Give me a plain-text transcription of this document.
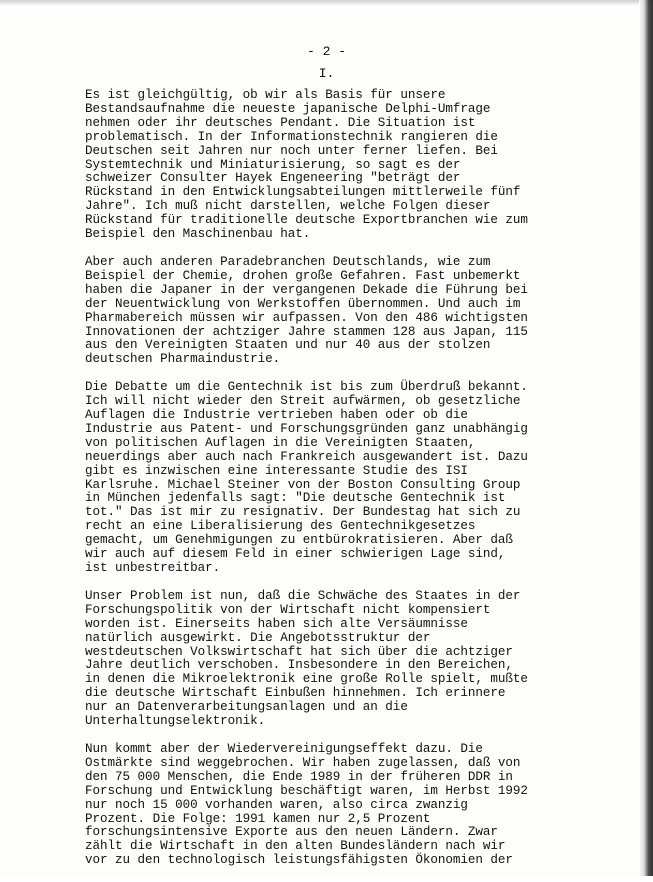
- 2 -
I.

Es ist gleichgültig, ob wir als Basis für unsere
Bestandsaufnahme die neueste japanische Delphi-Umfrage
nehmen oder ihr deutsches Pendant. Die Situation ist
problematisch. In der Informationstechnik rangieren die
Deutschen seit Jahren nur noch unter ferner liefen. Bei
Systemtechnik und Miniaturisierung, so sagt es der
schweizer Consulter Hayek Engeneering "beträgt der
Rückstand in den Entwicklungsabteilungen mittlerweile fünf
Jahre". Ich muß nicht darstellen, welche Folgen dieser
Rückstand für traditionelle deutsche Exportbranchen wie zum
Beispiel den Maschinenbau hat.

Aber auch anderen Paradebranchen Deutschlands, wie zum
Beispiel der Chemie, drohen große Gefahren. Fast unbemerkt
haben die Japaner in der vergangenen Dekade die Führung bei
der Neuentwicklung von Werkstoffen übernommen. Und auch im
Pharmabereich müssen wir aufpassen. Von den 486 wichtigsten
Innovationen der achtziger Jahre stammen 128 aus Japan, 115
aus den Vereinigten Staaten und nur 40 aus der stolzen
deutschen Pharmaindustrie.

Die Debatte um die Gentechnik ist bis zum Überdruß bekannt.
Ich will nicht wieder den Streit aufwärmen, ob gesetzliche
Auflagen die Industrie vertrieben haben oder ob die
Industrie aus Patent- und Forschungsgründen ganz unabhängig
von politischen Auflagen in die Vereinigten Staaten,
neuerdings aber auch nach Frankreich ausgewandert ist. Dazu
gibt es inzwischen eine interessante Studie des ISI
Karlsruhe. Michael Steiner von der Boston Consulting Group
in München jedenfalls sagt: "Die deutsche Gentechnik ist
tot." Das ist mir zu resignativ. Der Bundestag hat sich zu
recht an eine Liberalisierung des Gentechnikgesetzes
gemacht, um Genehmigungen zu entbürokratisieren. Aber daß
wir auch auf diesem Feld in einer schwierigen Lage sind,
ist unbestreitbar.

Unser Problem ist nun, daß die Schwäche des Staates in der
Forschungspolitik von der Wirtschaft nicht kompensiert
worden ist. Einerseits haben sich alte Versäumnisse
natürlich ausgewirkt. Die Angebotsstruktur der
westdeutschen Volkswirtschaft hat sich über die achtziger
Jahre deutlich verschoben. Insbesondere in den Bereichen,
in denen die Mikroelektronik eine große Rolle spielt, mußte
die deutsche Wirtschaft Einbußen hinnehmen. Ich erinnere
nur an Datenverarbeitungsanlagen und an die
Unterhaltungselektronik.

Nun kommt aber der Wiedervereinigungseffekt dazu. Die
Ostmärkte sind weggebrochen. Wir haben zugelassen, daß von
den 75 000 Menschen, die Ende 1989 in der früheren DDR in
Forschung und Entwicklung beschäftigt waren, im Herbst 1992
nur noch 15 000 vorhanden waren, also circa zwanzig
Prozent. Die Folge: 1991 kamen nur 2,5 Prozent
forschungsintensive Exporte aus den neuen Ländern. Zwar
zählt die Wirtschaft in den alten Bundesländern nach wir
vor zu den technologisch leistungsfähigsten Ökonomien der
